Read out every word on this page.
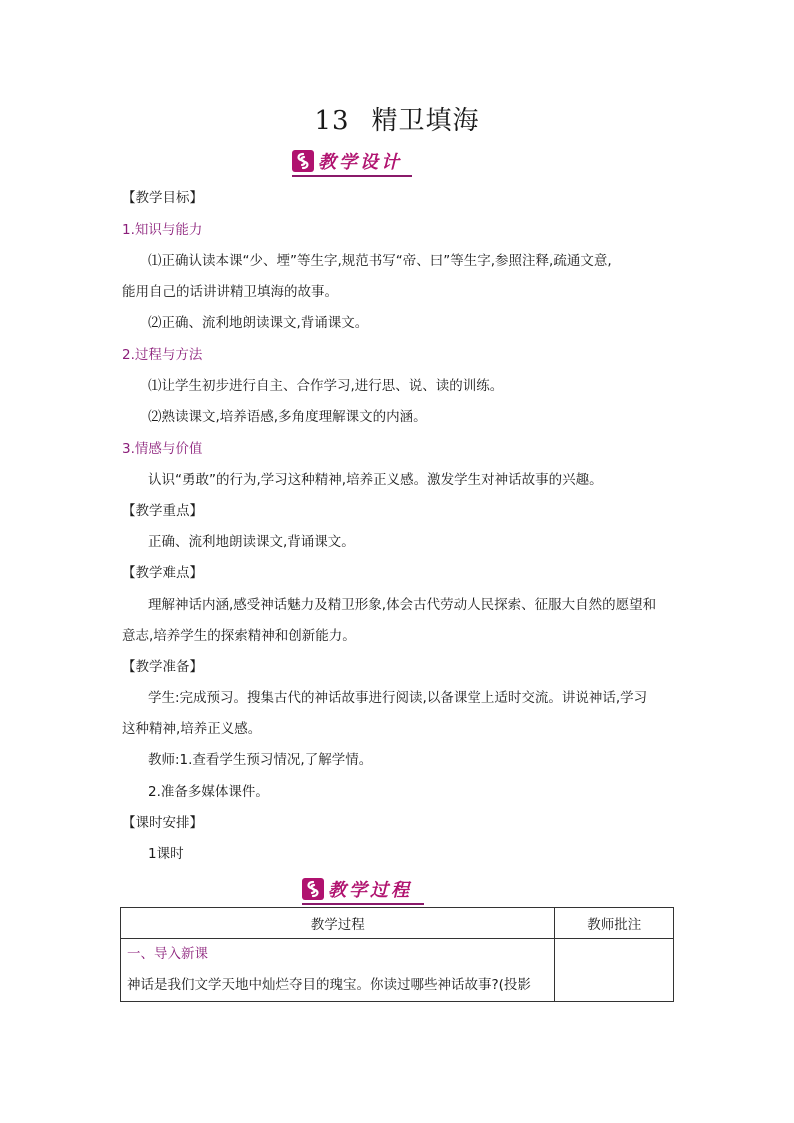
13 精卫填海
教学设计
【教学目标】
1.知识与能力
⑴正确认读本课“少、堙”等生字,规范书写“帝、曰”等生字,参照注释,疏通文意,
能用自己的话讲讲精卫填海的故事。
⑵正确、流利地朗读课文,背诵课文。
2.过程与方法
⑴让学生初步进行自主、合作学习,进行思、说、读的训练。
⑵熟读课文,培养语感,多角度理解课文的内涵。
3.情感与价值
认识“勇敢”的行为,学习这种精神,培养正义感。激发学生对神话故事的兴趣。
【教学重点】
正确、流利地朗读课文,背诵课文。
【教学难点】
理解神话内涵,感受神话魅力及精卫形象,体会古代劳动人民探索、征服大自然的愿望和
意志,培养学生的探索精神和创新能力。
【教学准备】
学生:完成预习。搜集古代的神话故事进行阅读,以备课堂上适时交流。讲说神话,学习
这种精神,培养正义感。
教师:1.查看学生预习情况,了解学情。
2.准备多媒体课件。
【课时安排】
1课时
教学过程
教学过程	教师批注

一、导入新课
神话是我们文学天地中灿烂夺目的瑰宝。你读过哪些神话故事?(投影	
